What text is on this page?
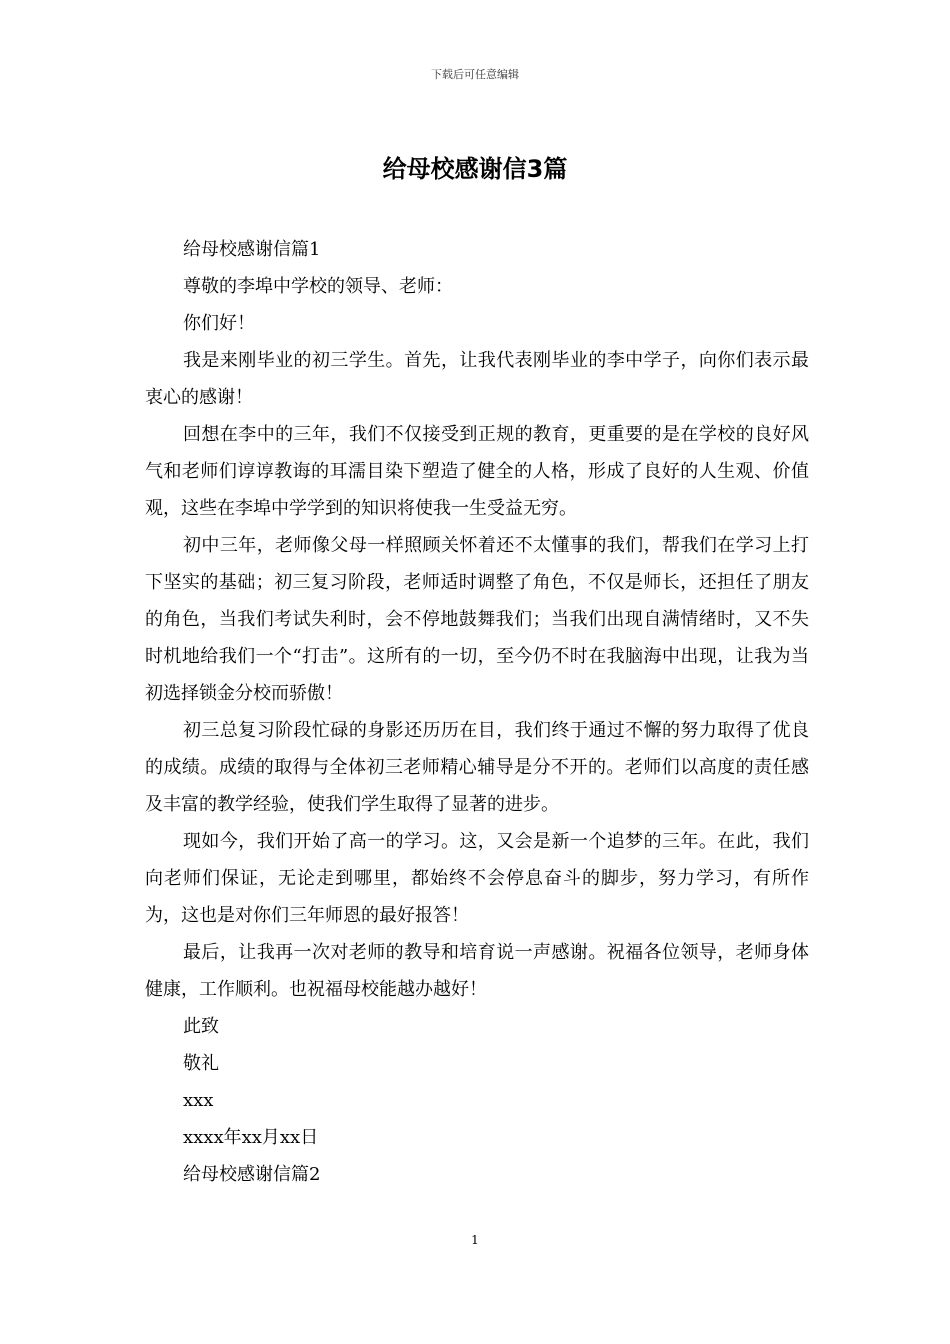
下载后可任意编辑
给母校感谢信3篇

给母校感谢信篇1

尊敬的李埠中学校的领导、老师：

你们好！

我是来刚毕业的初三学生。首先，让我代表刚毕业的李中学子，向你们表示最衷心的感谢！

回想在李中的三年，我们不仅接受到正规的教育，更重要的是在学校的良好风气和老师们谆谆教诲的耳濡目染下塑造了健全的人格，形成了良好的人生观、价值观，这些在李埠中学学到的知识将使我一生受益无穷。

初中三年，老师像父母一样照顾关怀着还不太懂事的我们，帮我们在学习上打下坚实的基础；初三复习阶段，老师适时调整了角色，不仅是师长，还担任了朋友的角色，当我们考试失利时，会不停地鼓舞我们；当我们出现自满情绪时，又不失时机地给我们一个“打击”。这所有的一切，至今仍不时在我脑海中出现，让我为当初选择锁金分校而骄傲！

初三总复习阶段忙碌的身影还历历在目，我们终于通过不懈的努力取得了优良的成绩。成绩的取得与全体初三老师精心辅导是分不开的。老师们以高度的责任感及丰富的教学经验，使我们学生取得了显著的进步。

现如今，我们开始了高一的学习。这，又会是新一个追梦的三年。在此，我们向老师们保证，无论走到哪里，都始终不会停息奋斗的脚步，努力学习，有所作为，这也是对你们三年师恩的最好报答！

最后，让我再一次对老师的教导和培育说一声感谢。祝福各位领导，老师身体健康，工作顺利。也祝福母校能越办越好！

此致

敬礼

xxx

xxxx年xx月xx日

给母校感谢信篇2

1
